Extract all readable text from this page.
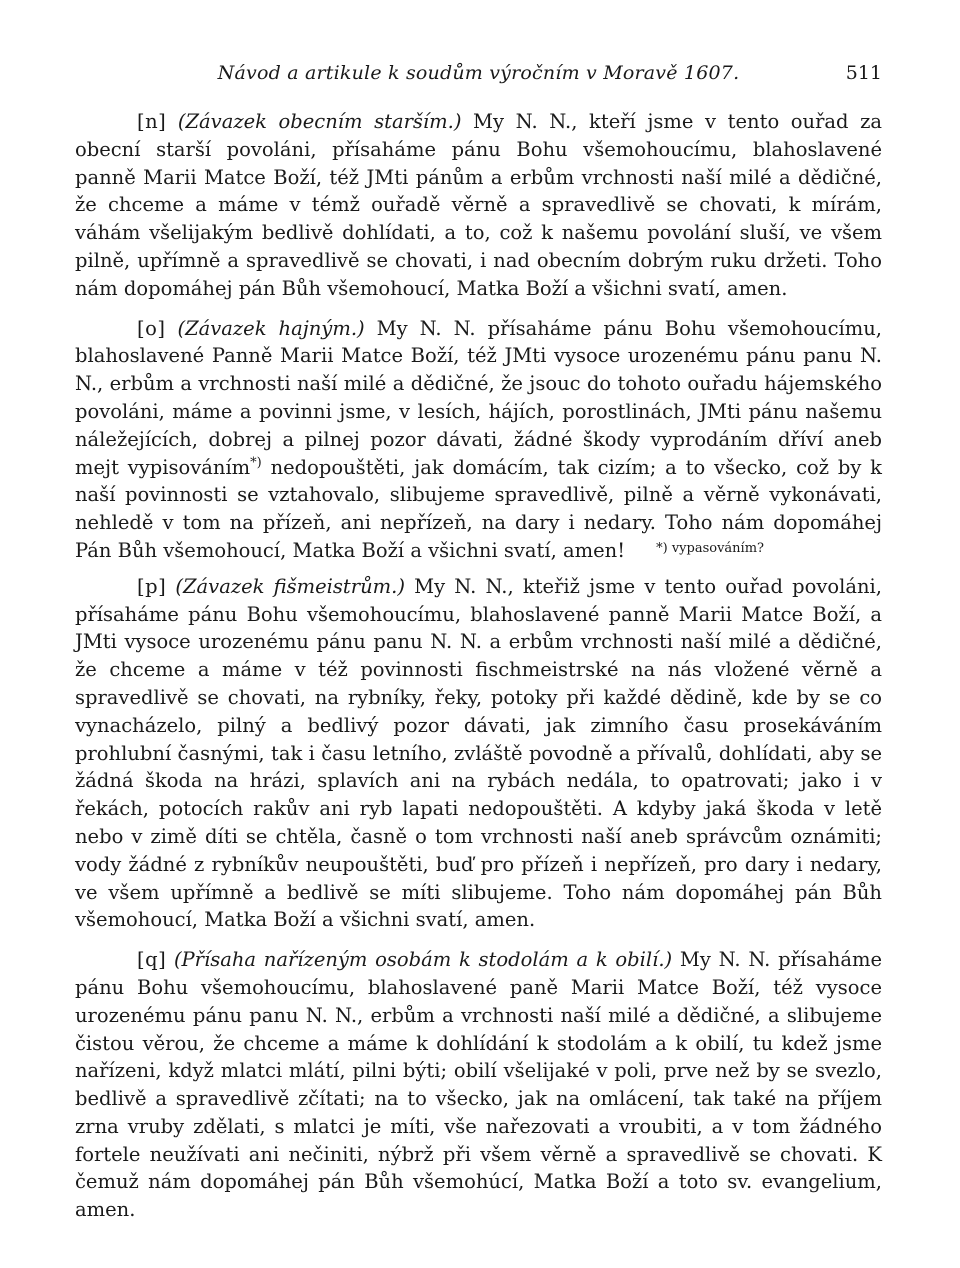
Návod a artikule k soudům výročním v Moravě 1607.	511

[n] (Závazek obecním starším.) My N. N., kteří jsme v tento ouřad za obecní starší povoláni, přísaháme pánu Bohu všemohoucímu, blahoslavené panně Marii Matce Boží, též JMti pánům a erbům vrchnosti naší milé a dědičné, že chceme a máme v témž ouřadě věrně a spravedlivě se chovati, k mírám, váhám všelijakým bedlivě dohlídati, a to, což k našemu povolání sluší, ve všem pilně, upřímně a spravedlivě se chovati, i nad obecním dobrým ruku držeti. Toho nám dopomáhej pán Bůh všemohoucí, Matka Boží a všichni svatí, amen.

[o] (Závazek hajným.) My N. N. přísaháme pánu Bohu všemohoucímu, blahoslavené Panně Marii Matce Boží, též JMti vysoce urozenému pánu panu N. N., erbům a vrchnosti naší milé a dědičné, že jsouc do tohoto ouřadu hájemského povoláni, máme a povinni jsme, v lesích, hájích, porostlinách, JMti pánu našemu náležejících, dobrej a pilnej pozor dávati, žádné škody vyprodáním dříví aneb mejt vypisováním*) nedopouštěti, jak domácím, tak cizím; a to všecko, což by k naší povinnosti se vztahovalo, slibujeme spravedlivě, pilně a věrně vykonávati, nehledě v tom na přízeň, ani nepřízeň, na dary i nedary. Toho nám dopomáhej Pán Bůh všemohoucí, Matka Boží a všichni svatí, amen!	*) vypasováním?

[p] (Závazek fišmeistrům.) My N. N., kteřiž jsme v tento ouřad povoláni, přísaháme pánu Bohu všemohoucímu, blahoslavené panně Marii Matce Boží, a JMti vysoce urozenému pánu panu N. N. a erbům vrchnosti naší milé a dědičné, že chceme a máme v též povinnosti fischmeistrské na nás vložené věrně a spravedlivě se chovati, na rybníky, řeky, potoky při každé dědině, kde by se co vynacházelo, pilný a bedlivý pozor dávati, jak zimního času prosekáváním prohlubní časnými, tak i času letního, zvláště povodně a přívalů, dohlídati, aby se žádná škoda na hrázi, splavích ani na rybách nedála, to opatrovati; jako i v řekách, potocích rakův ani ryb lapati nedopouštěti. A kdyby jaká škoda v letě nebo v zimě díti se chtěla, časně o tom vrchnosti naší aneb správcům oznámiti; vody žádné z rybníkův neupouštěti, buď pro přízeň i nepřízeň, pro dary i nedary, ve všem upřímně a bedlivě se míti slibujeme. Toho nám dopomáhej pán Bůh všemohoucí, Matka Boží a všichni svatí, amen.

[q] (Přísaha nařízeným osobám k stodolám a k obilí.) My N. N. přísaháme pánu Bohu všemohoucímu, blahoslavené paně Marii Matce Boží, též vysoce urozenému pánu panu N. N., erbům a vrchnosti naší milé a dědičné, a slibujeme čistou věrou, že chceme a máme k dohlídání k stodolám a k obilí, tu kdež jsme nařízeni, když mlatci mlátí, pilni býti; obilí všelijaké v poli, prve než by se svezlo, bedlivě a spravedlivě zčítati; na to všecko, jak na omlácení, tak také na příjem zrna vruby zdělati, s mlatci je míti, vše nařezovati a vroubiti, a v tom žádného fortele neužívati ani nečiniti, nýbrž při všem věrně a spravedlivě se chovati. K čemuž nám dopomáhej pán Bůh všemohúcí, Matka Boží a toto sv. evangelium, amen.
